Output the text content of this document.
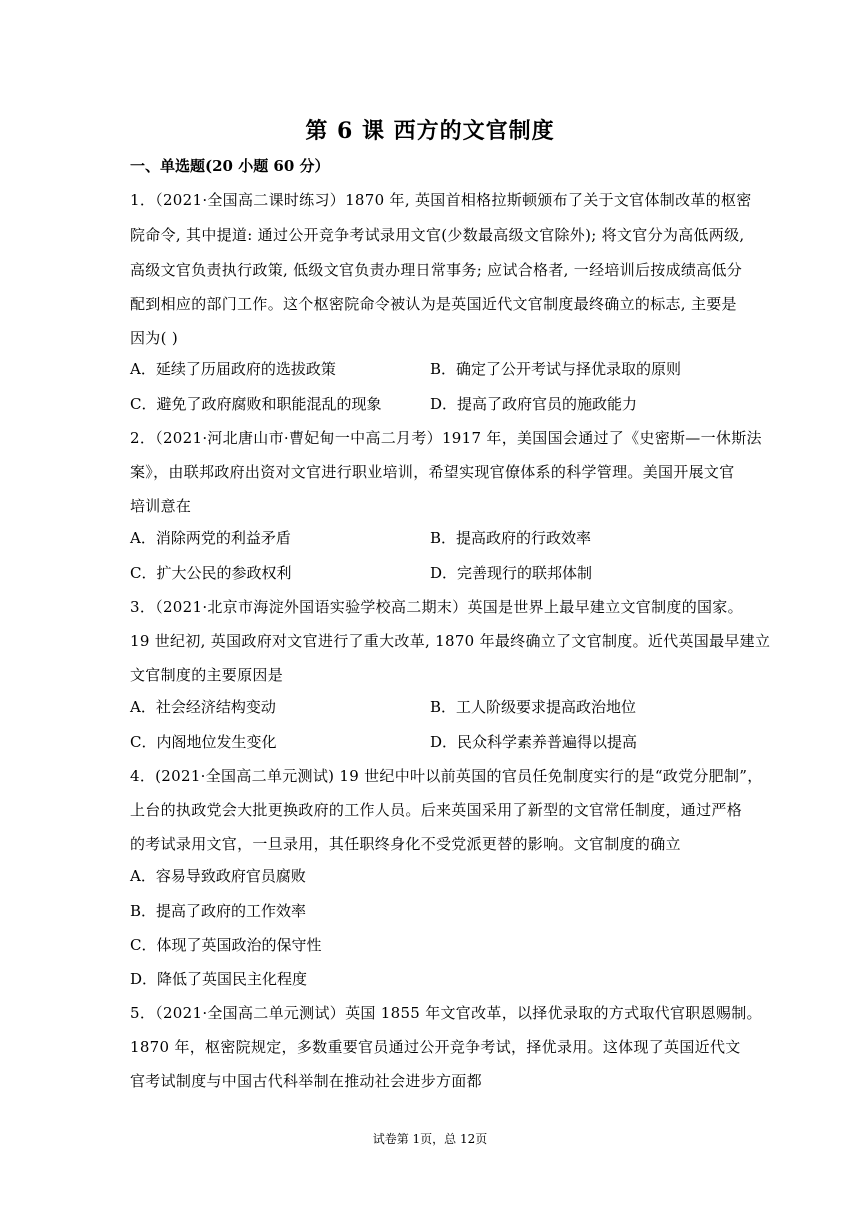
第 6 课 西方的文官制度
一、单选题(20 小题 60 分）
1．（2021·全国高二课时练习）1870 年, 英国首相格拉斯顿颁布了关于文官体制改革的枢密
院命令, 其中提道: 通过公开竞争考试录用文官(少数最高级文官除外); 将文官分为高低两级,
高级文官负责执行政策, 低级文官负责办理日常事务; 应试合格者, 一经培训后按成绩高低分
配到相应的部门工作。这个枢密院命令被认为是英国近代文官制度最终确立的标志, 主要是
因为( )
A．延续了历届政府的选拔政策	B．确定了公开考试与择优录取的原则
C．避免了政府腐败和职能混乱的现象	D．提高了政府官员的施政能力
2．（2021·河北唐山市·曹妃甸一中高二月考）1917 年，美国国会通过了《史密斯—一休斯法
案》，由联邦政府出资对文官进行职业培训，希望实现官僚体系的科学管理。美国开展文官
培训意在
A．消除两党的利益矛盾	B．提高政府的行政效率
C．扩大公民的参政权利	D．完善现行的联邦体制
3．（2021·北京市海淀外国语实验学校高二期末）英国是世界上最早建立文官制度的国家。
19 世纪初, 英国政府对文官进行了重大改革, 1870 年最终确立了文官制度。近代英国最早建立
文官制度的主要原因是
A．社会经济结构变动	B．工人阶级要求提高政治地位
C．内阁地位发生变化	D．民众科学素养普遍得以提高
4．(2021·全国高二单元测试) 19 世纪中叶以前英国的官员任免制度实行的是“政党分肥制”，
上台的执政党会大批更换政府的工作人员。后来英国采用了新型的文官常任制度，通过严格
的考试录用文官，一旦录用，其任职终身化不受党派更替的影响。文官制度的确立
A．容易导致政府官员腐败
B．提高了政府的工作效率
C．体现了英国政治的保守性
D．降低了英国民主化程度
5．（2021·全国高二单元测试）英国 1855 年文官改革，以择优录取的方式取代官职恩赐制。
1870 年，枢密院规定，多数重要官员通过公开竞争考试，择优录用。这体现了英国近代文
官考试制度与中国古代科举制在推动社会进步方面都
试卷第 1页，总 12页
